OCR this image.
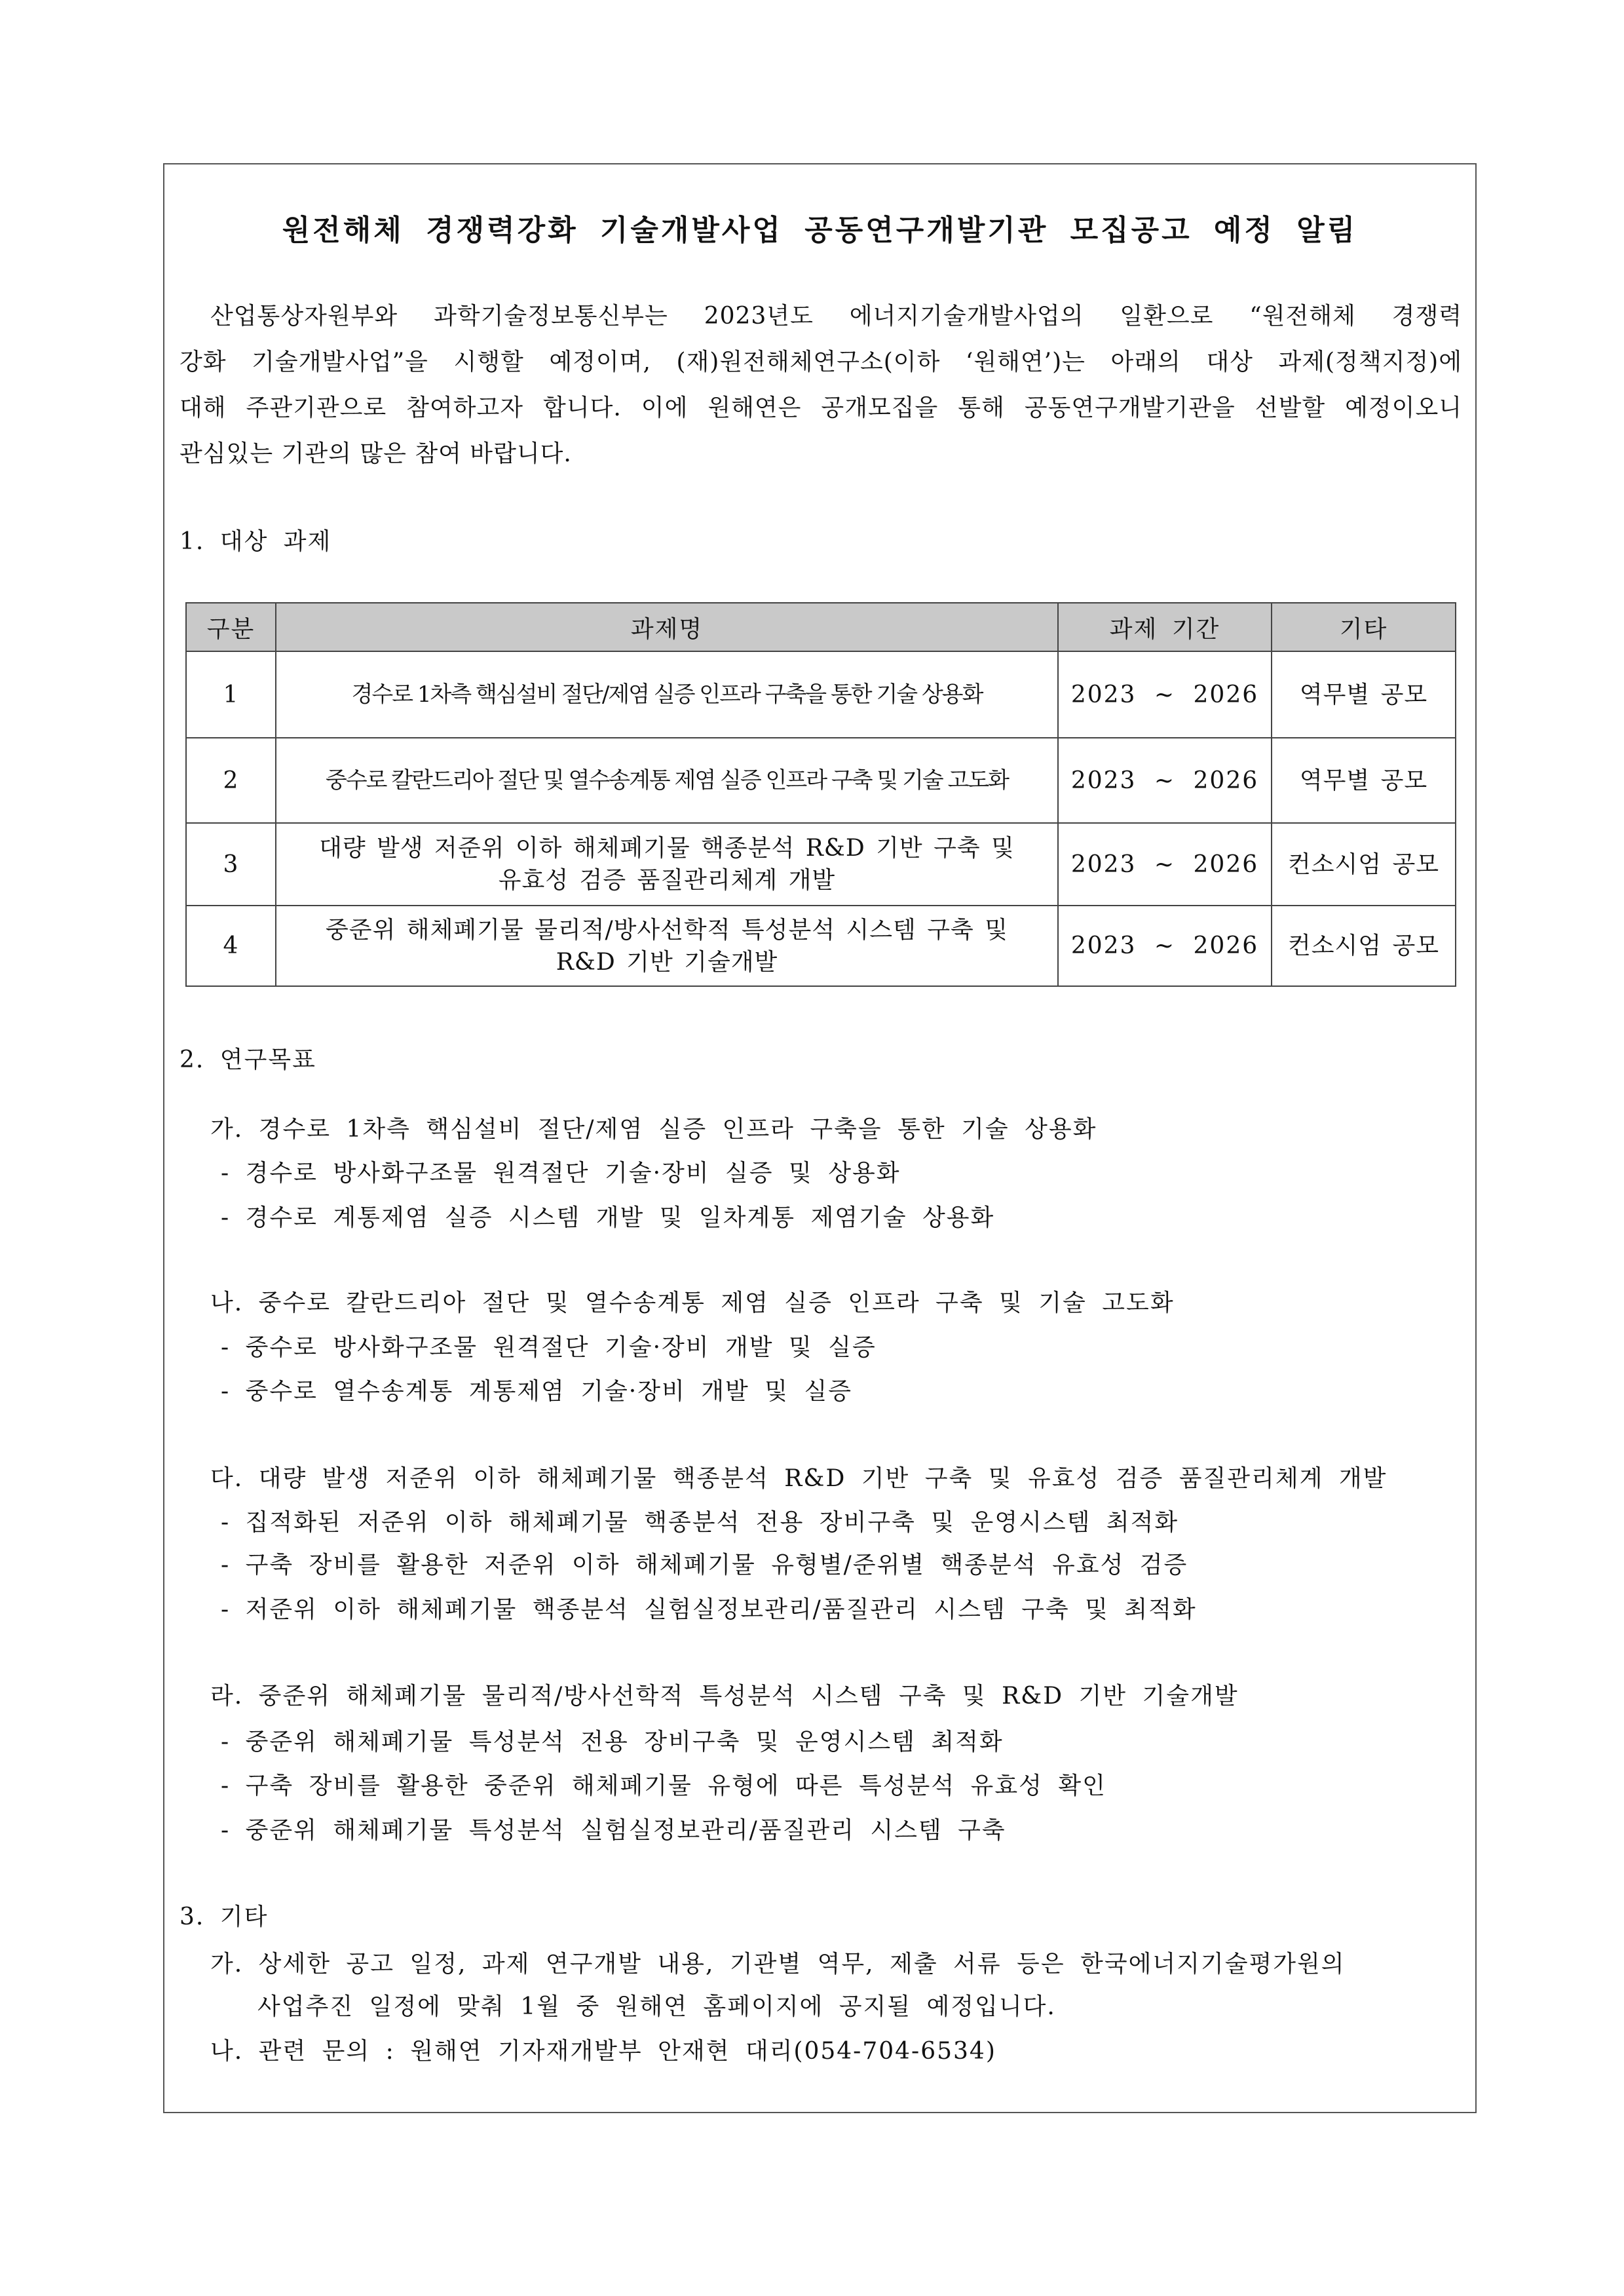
원전해체 경쟁력강화 기술개발사업 공동연구개발기관 모집공고 예정 알림
산업통상자원부와 과학기술정보통신부는 2023년도 에너지기술개발사업의 일환으로 “원전해체 경쟁력
강화 기술개발사업”을 시행할 예정이며, (재)원전해체연구소(이하 ‘원해연’)는 아래의 대상 과제(정책지정)에
대해 주관기관으로 참여하고자 합니다. 이에 원해연은 공개모집을 통해 공동연구개발기관을 선발할 예정이오니
관심있는 기관의 많은 참여 바랍니다.
1. 대상 과제
구분	과제명	과제 기간	기타
1	경수로 1차측 핵심설비 절단/제염 실증 인프라 구축을 통한 기술 상용화	2023 ~ 2026	역무별 공모
2	중수로 칼란드리아 절단 및 열수송계통 제염 실증 인프라 구축 및 기술 고도화	2023 ~ 2026	역무별 공모
3	대량 발생 저준위 이하 해체폐기물 핵종분석 R&D 기반 구축 및
유효성 검증 품질관리체계 개발	2023 ~ 2026	컨소시엄 공모
4	중준위 해체폐기물 물리적/방사선학적 특성분석 시스템 구축 및
R&D 기반 기술개발	2023 ~ 2026	컨소시엄 공모
2. 연구목표
가. 경수로 1차측 핵심설비 절단/제염 실증 인프라 구축을 통한 기술 상용화
- 경수로 방사화구조물 원격절단 기술·장비 실증 및 상용화
- 경수로 계통제염 실증 시스템 개발 및 일차계통 제염기술 상용화
나. 중수로 칼란드리아 절단 및 열수송계통 제염 실증 인프라 구축 및 기술 고도화
- 중수로 방사화구조물 원격절단 기술·장비 개발 및 실증
- 중수로 열수송계통 계통제염 기술·장비 개발 및 실증
다. 대량 발생 저준위 이하 해체폐기물 핵종분석 R&D 기반 구축 및 유효성 검증 품질관리체계 개발
- 집적화된 저준위 이하 해체폐기물 핵종분석 전용 장비구축 및 운영시스템 최적화
- 구축 장비를 활용한 저준위 이하 해체폐기물 유형별/준위별 핵종분석 유효성 검증
- 저준위 이하 해체폐기물 핵종분석 실험실정보관리/품질관리 시스템 구축 및 최적화
라. 중준위 해체폐기물 물리적/방사선학적 특성분석 시스템 구축 및 R&D 기반 기술개발
- 중준위 해체폐기물 특성분석 전용 장비구축 및 운영시스템 최적화
- 구축 장비를 활용한 중준위 해체폐기물 유형에 따른 특성분석 유효성 확인
- 중준위 해체폐기물 특성분석 실험실정보관리/품질관리 시스템 구축
3. 기타
가. 상세한 공고 일정, 과제 연구개발 내용, 기관별 역무, 제출 서류 등은 한국에너지기술평가원의
사업추진 일정에 맞춰 1월 중 원해연 홈페이지에 공지될 예정입니다.
나. 관련 문의 : 원해연 기자재개발부 안재현 대리(054-704-6534)
